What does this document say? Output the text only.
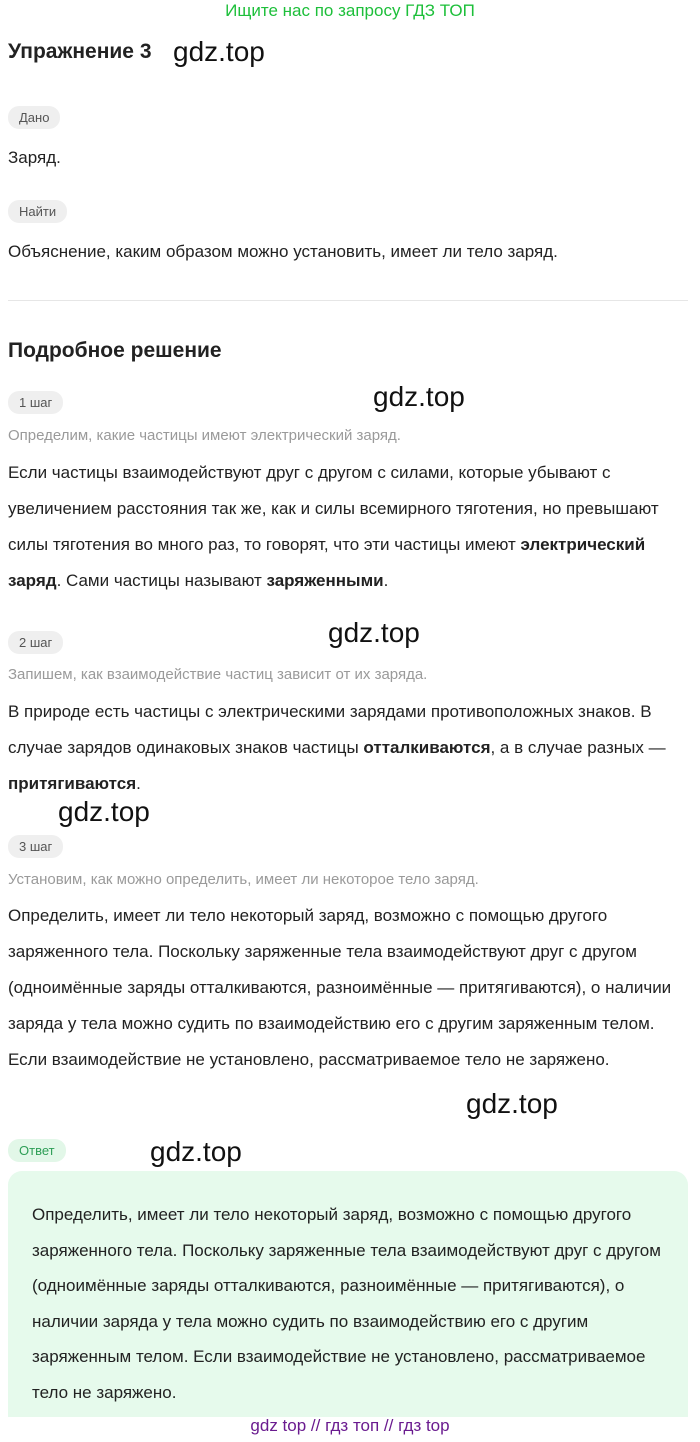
Ищите нас по запросу ГДЗ ТОП
Упражнение 3 gdz.top
Дано
Заряд.
Найти
Объяснение, каким образом можно установить, имеет ли тело заряд.
Подробное решение
1 шаг	gdz.top
Определим, какие частицы имеют электрический заряд.
Если частицы взаимодействуют друг с другом с силами, которые убывают с увеличением расстояния так же, как и силы всемирного тяготения, но превышают силы тяготения во много раз, то говорят, что эти частицы имеют электрический заряд. Сами частицы называют заряженными.
2 шаг	gdz.top
Запишем, как взаимодействие частиц зависит от их заряда.
В природе есть частицы с электрическими зарядами противоположных знаков. В случае зарядов одинаковых знаков частицы отталкиваются, а в случае разных — притягиваются.
gdz.top
3 шаг
Установим, как можно определить, имеет ли некоторое тело заряд.
Определить, имеет ли тело некоторый заряд, возможно с помощью другого заряженного тела. Поскольку заряженные тела взаимодействуют друг с другом (одноимённые заряды отталкиваются, разноимённые — притягиваются), о наличии заряда у тела можно судить по взаимодействию его с другим заряженным телом. Если взаимодействие не установлено, рассматриваемое тело не заряжено.
gdz.top
Ответ	gdz.top
Определить, имеет ли тело некоторый заряд, возможно с помощью другого заряженного тела. Поскольку заряженные тела взаимодействуют друг с другом (одноимённые заряды отталкиваются, разноимённые — притягиваются), о наличии заряда у тела можно судить по взаимодействию его с другим заряженным телом. Если взаимодействие не установлено, рассматриваемое тело не заряжено.
gdz top // гдз топ // гдз top
